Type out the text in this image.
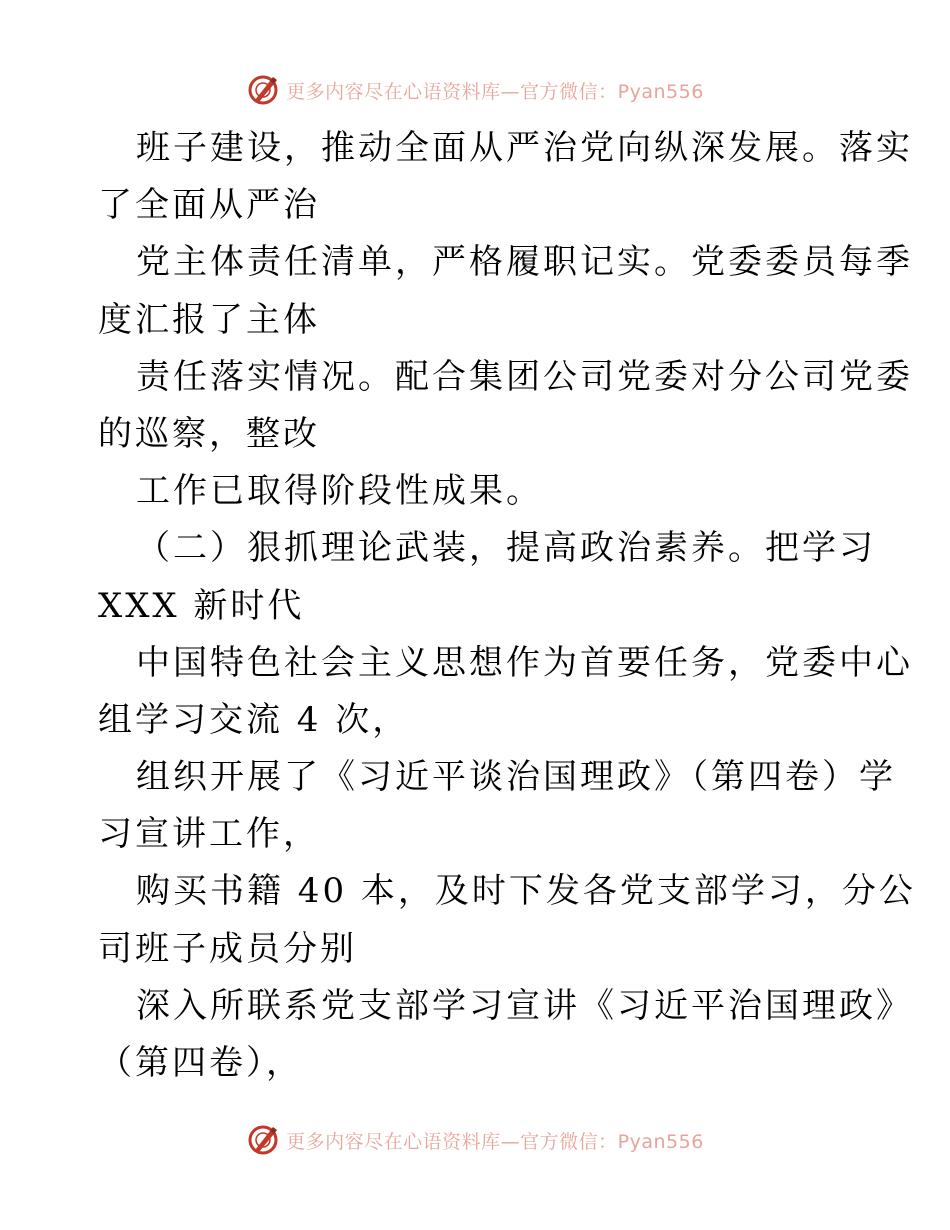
更多内容尽在心语资料库—官方微信：Pyan556
班子建设，推动全面从严治党向纵深发展。落实
了全面从严治
党主体责任清单，严格履职记实。党委委员每季
度汇报了主体
责任落实情况。配合集团公司党委对分公司党委
的巡察，整改
工作已取得阶段性成果。
（二）狠抓理论武装，提高政治素养。把学习
XXX 新时代
中国特色社会主义思想作为首要任务，党委中心
组学习交流 4 次，
组织开展了《习近平谈治国理政》（第四卷）学
习宣讲工作，
购买书籍 40 本，及时下发各党支部学习，分公
司班子成员分别
深入所联系党支部学习宣讲《习近平治国理政》
（第四卷），
更多内容尽在心语资料库—官方微信：Pyan556
